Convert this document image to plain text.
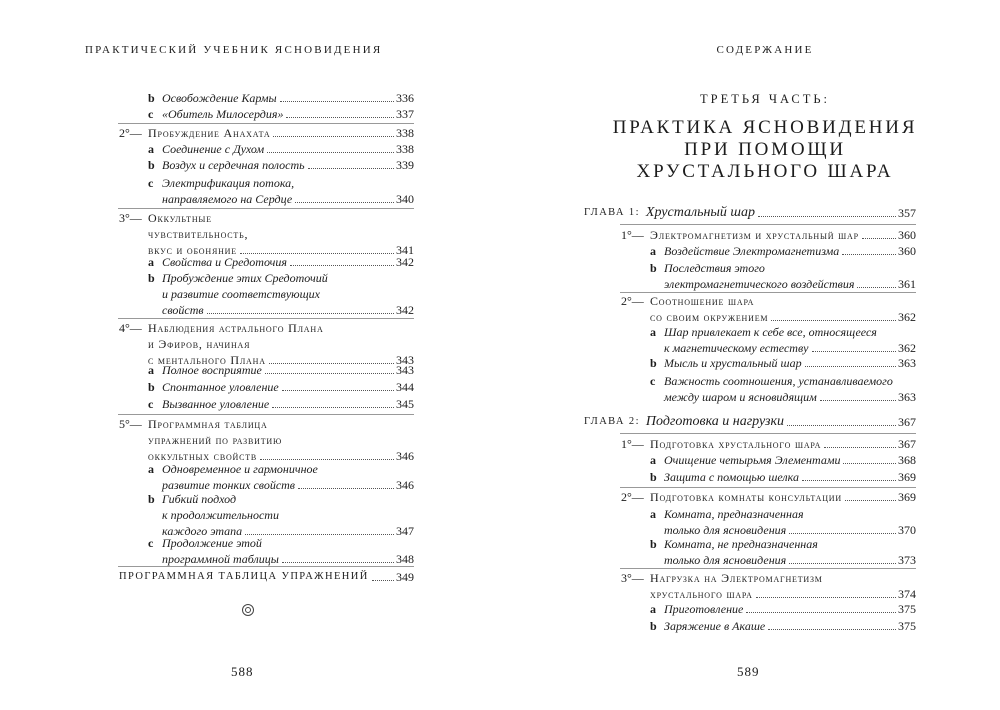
ПРАКТИЧЕСКИЙ УЧЕБНИК ЯСНОВИДЕНИЯ
b Освобождение Кармы	336
c «Обитель Милосердия»	337
2°— Пробуждение Анахата	338
a Соединение с Духом	338
b Воздух и сердечная полость	339
c Электрификация потока,
направляемого на Сердце	340
3°— Оккультные
чувствительность,
вкус и обоняние	341
a Свойства и Средоточия	342
b Пробуждение этих Средоточий
и развитие соответствующих
свойств	342
4°— Наблюдения астрального Плана
и Эфиров, начиная
с ментального Плана	343
a Полное восприятие	343
b Спонтанное уловление	344
c Вызванное уловление	345
5°— Программная таблица
упражнений по развитию
оккультных свойств	346
a Одновременное и гармоничное
развитие тонких свойств	346
b Гибкий подход
к продолжительности
каждого этапа	347
c Продолжение этой
программной таблицы	348
ПРОГРАММНАЯ ТАБЛИЦА УПРАЖНЕНИЙ 349
588
СОДЕРЖАНИЕ
ТРЕТЬЯ ЧАСТЬ:
ПРАКТИКА ЯСНОВИДЕНИЯ
ПРИ ПОМОЩИ
ХРУСТАЛЬНОГО ШАРА
ГЛАВА 1: Хрустальный шар	357
1°— Электромагнетизм и хрустальный шар	360
a Воздействие Электромагнетизма	360
b Последствия этого
электромагнетического воздействия	361
2°— Соотношение шара
со своим окружением	362
a Шар привлекает к себе все, относящееся
к магнетическому естеству	362
b Мысль и хрустальный шар	363
c Важность соотношения, устанавливаемого
между шаром и ясновидящим	363
ГЛАВА 2: Подготовка и нагрузки	367
1°— Подготовка хрустального шара	367
a Очищение четырьмя Элементами	368
b Защита с помощью шелка	369
2°— Подготовка комнаты консультации	369
a Комната, предназначенная
только для ясновидения	370
b Комната, не предназначенная
только для ясновидения	373
3°— Нагрузка на Электромагнетизм
хрустального шара	374
a Приготовление	375
b Заряжение в Акаше	375
589
